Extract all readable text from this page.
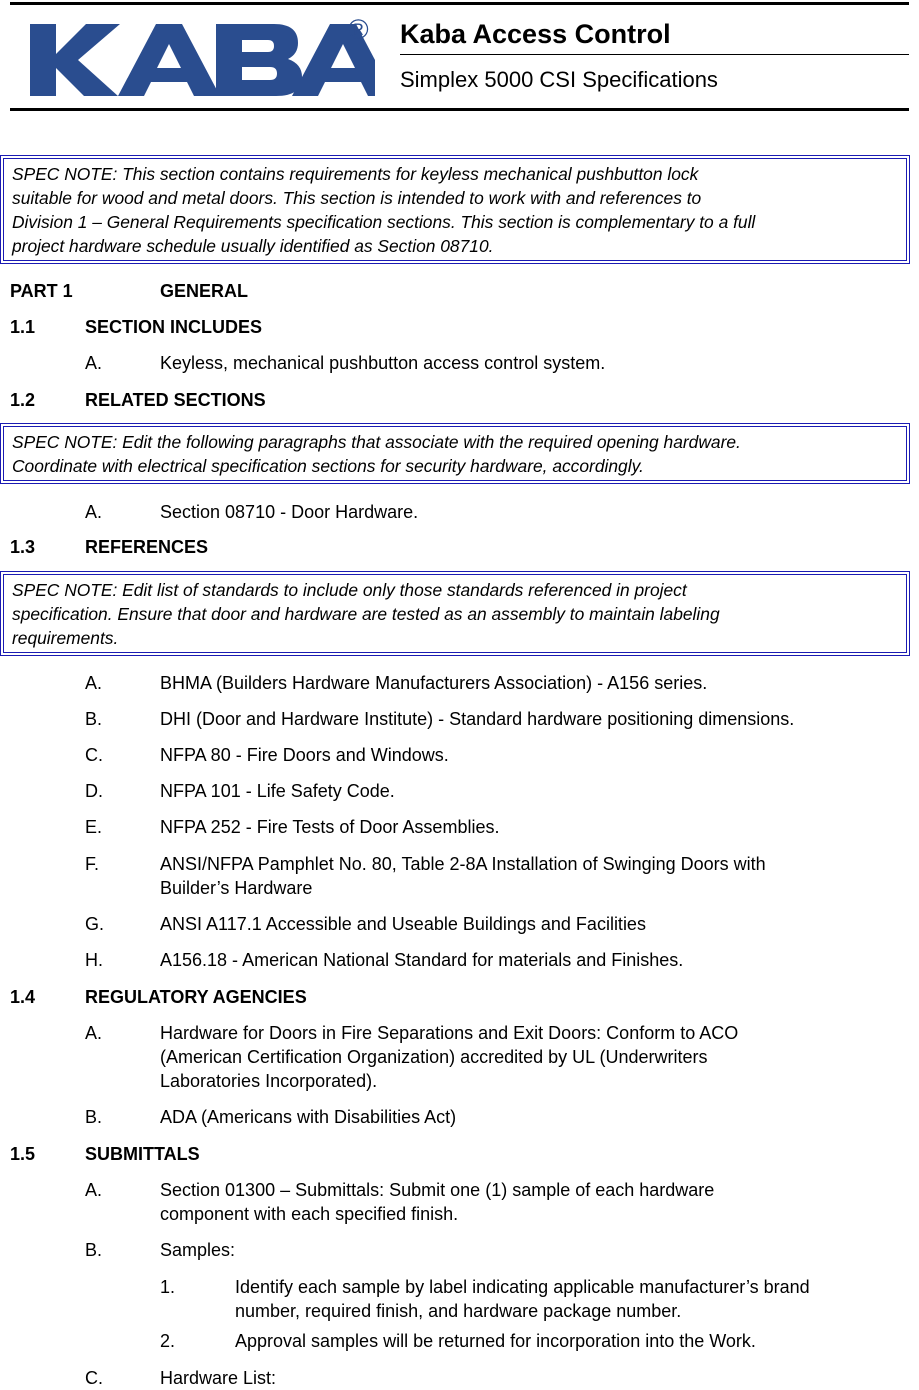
® Kaba Access Control
Simplex 5000 CSI Specifications
SPEC NOTE: This section contains requirements for keyless mechanical pushbutton lock
suitable for wood and metal doors. This section is intended to work with and references to
Division 1 – General Requirements specification sections. This section is complementary to a full
project hardware schedule usually identified as Section 08710.
PART 1	GENERAL
1.1	SECTION INCLUDES
A.	Keyless, mechanical pushbutton access control system.
1.2	RELATED SECTIONS
SPEC NOTE: Edit the following paragraphs that associate with the required opening hardware.
Coordinate with electrical specification sections for security hardware, accordingly.
A.	Section 08710 - Door Hardware.
1.3	REFERENCES
SPEC NOTE: Edit list of standards to include only those standards referenced in project
specification. Ensure that door and hardware are tested as an assembly to maintain labeling
requirements.
A.	BHMA (Builders Hardware Manufacturers Association) - A156 series.
B.	DHI (Door and Hardware Institute) - Standard hardware positioning dimensions.
C.	NFPA 80 - Fire Doors and Windows.
D.	NFPA 101 - Life Safety Code.
E.	NFPA 252 - Fire Tests of Door Assemblies.
F.	ANSI/NFPA Pamphlet No. 80, Table 2-8A Installation of Swinging Doors with
Builder’s Hardware
G.	ANSI A117.1 Accessible and Useable Buildings and Facilities
H.	A156.18 - American National Standard for materials and Finishes.
1.4	REGULATORY AGENCIES
A.	Hardware for Doors in Fire Separations and Exit Doors: Conform to ACO
(American Certification Organization) accredited by UL (Underwriters
Laboratories Incorporated).
B.	ADA (Americans with Disabilities Act)
1.5	SUBMITTALS
A.	Section 01300 – Submittals: Submit one (1) sample of each hardware
component with each specified finish.
B.	Samples:
1.	Identify each sample by label indicating applicable manufacturer’s brand
number, required finish, and hardware package number.
2.	Approval samples will be returned for incorporation into the Work.
C.	Hardware List:
